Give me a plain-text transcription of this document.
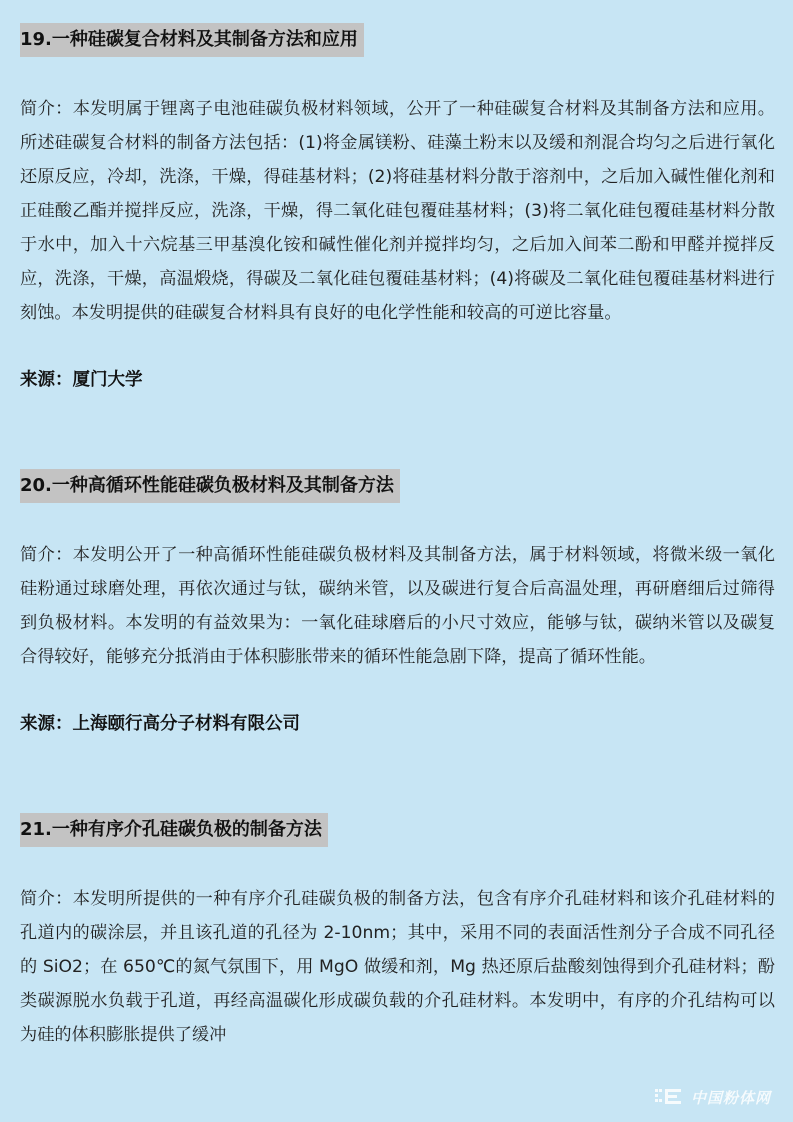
19.一种硅碳复合材料及其制备方法和应用

简介：本发明属于锂离子电池硅碳负极材料领域，公开了一种硅碳复合材料及其制备方法和应用。所述硅碳复合材料的制备方法包括：(1)将金属镁粉、硅藻土粉末以及缓和剂混合均匀之后进行氧化还原反应，冷却，洗涤，干燥，得硅基材料；(2)将硅基材料分散于溶剂中，之后加入碱性催化剂和正硅酸乙酯并搅拌反应，洗涤，干燥，得二氧化硅包覆硅基材料；(3)将二氧化硅包覆硅基材料分散于水中，加入十六烷基三甲基溴化铵和碱性催化剂并搅拌均匀，之后加入间苯二酚和甲醛并搅拌反应，洗涤，干燥，高温煅烧，得碳及二氧化硅包覆硅基材料；(4)将碳及二氧化硅包覆硅基材料进行刻蚀。本发明提供的硅碳复合材料具有良好的电化学性能和较高的可逆比容量。

来源：厦门大学
20.一种高循环性能硅碳负极材料及其制备方法

简介：本发明公开了一种高循环性能硅碳负极材料及其制备方法，属于材料领域，将微米级一氧化硅粉通过球磨处理，再依次通过与钛，碳纳米管，以及碳进行复合后高温处理，再研磨细后过筛得到负极材料。本发明的有益效果为：一氧化硅球磨后的小尺寸效应，能够与钛，碳纳米管以及碳复合得较好，能够充分抵消由于体积膨胀带来的循环性能急剧下降，提高了循环性能。

来源：上海颐行高分子材料有限公司
21.一种有序介孔硅碳负极的制备方法

简介：本发明所提供的一种有序介孔硅碳负极的制备方法，包含有序介孔硅材料和该介孔硅材料的孔道内的碳涂层，并且该孔道的孔径为 2-10nm；其中，采用不同的表面活性剂分子合成不同孔径的 SiO2；在 650℃的氮气氛围下，用 MgO 做缓和剂，Mg 热还原后盐酸刻蚀得到介孔硅材料；酚类碳源脱水负载于孔道，再经高温碳化形成碳负载的介孔硅材料。本发明中，有序的介孔结构可以为硅的体积膨胀提供了缓冲

中国粉体网
